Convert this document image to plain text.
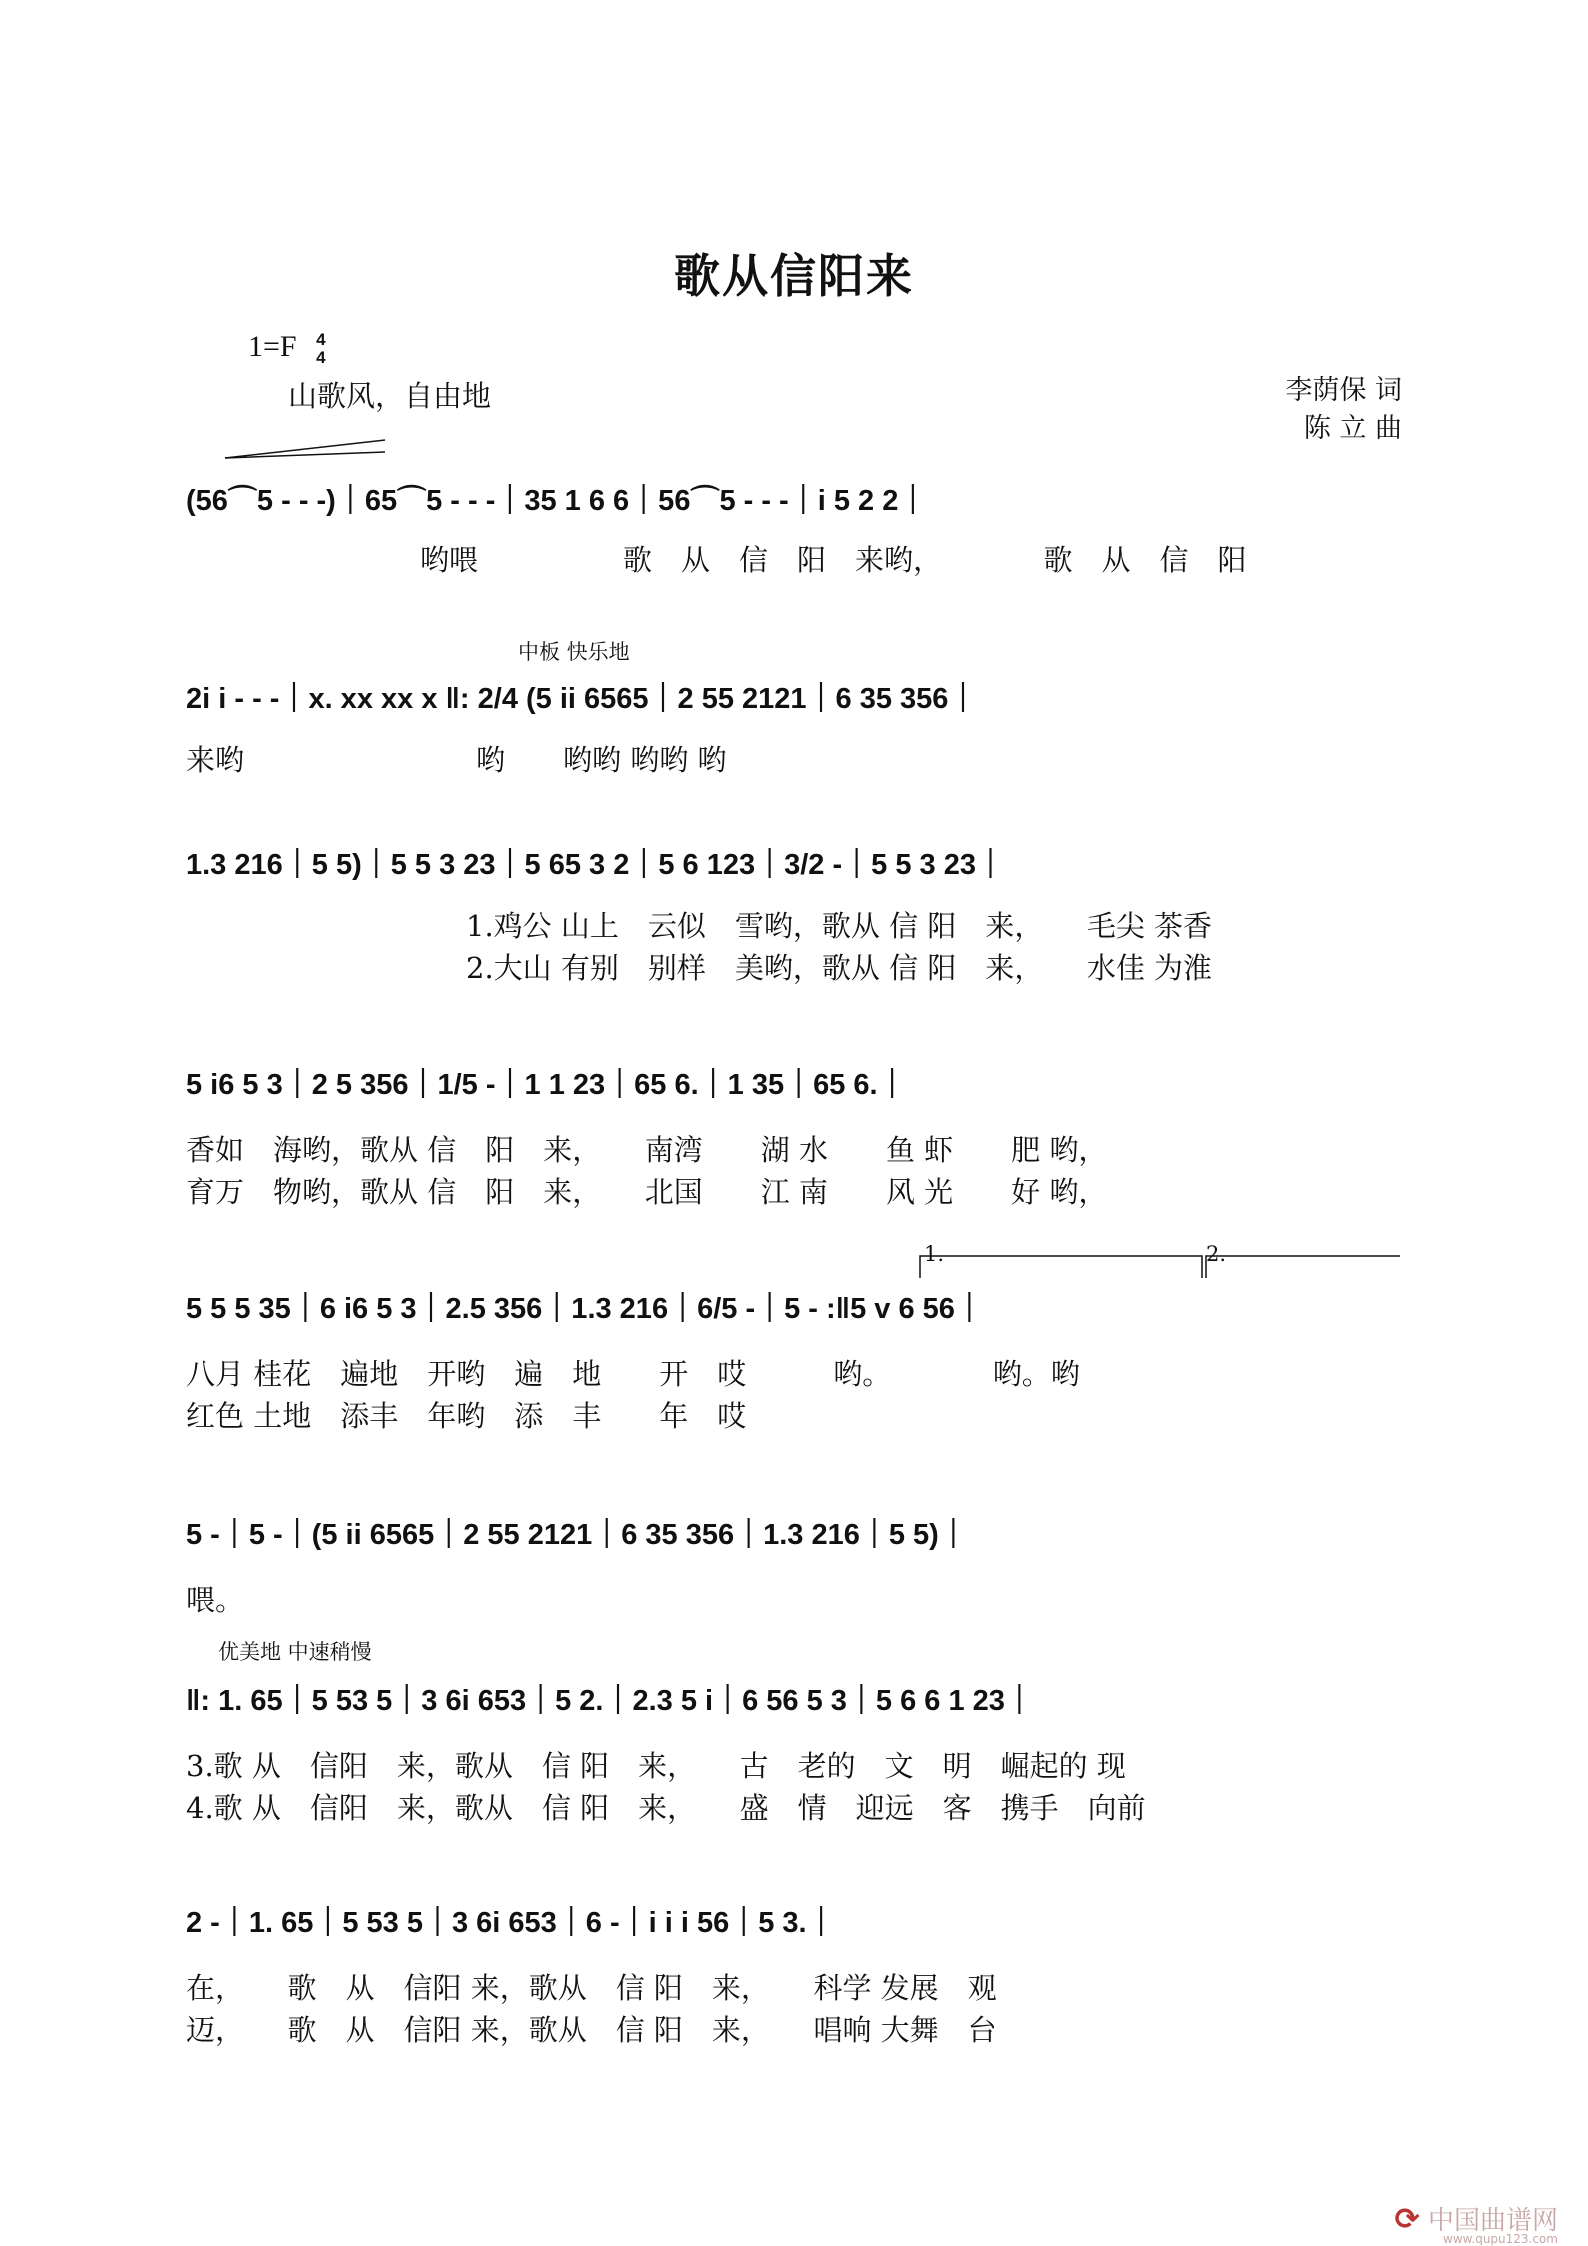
歌从信阳来
1=F 4
4
山歌风，自由地	李荫保 词
陈 立 曲
(56⌒5 - - -)｜65⌒5 - - -｜35 1 6 6｜56⌒5 - - -｜i 5 2 2｜
哟喂　　　　　歌　从　信　阳　来哟，　　　　歌　从　信　阳
中板 快乐地
2i i - - -｜x. xx xx x ‖: 2/4 (5 ii 6565｜2 55 2121｜6 35 356｜
来哟　　　　　　　　哟　　哟哟 哟哟 哟
1.3 216｜5 5)｜5 5 3 23｜5 65 3 2｜5 6 123｜3/2 -｜5 5 3 23｜
1.鸡公 山上　云似　雪哟，歌从 信 阳　来，　　毛尖 茶香
2.大山 有别　别样　美哟，歌从 信 阳　来，　　水佳 为淮
5 i6 5 3｜2 5 356｜1/5 -｜1 1 23｜65 6.｜1 35｜65 6.｜
香如　海哟，歌从 信　阳　来，　　南湾　　湖 水　　鱼 虾　　肥 哟，
育万　物哟，歌从 信　阳　来，　　北国　　江 南　　风 光　　好 哟，
1.	2.
5 5 5 35｜6 i6 5 3｜2.5 356｜1.3 216｜6/5 -｜5 - :‖5 v 6 56｜
八月 桂花　遍地　开哟　遍　地　　开　哎　　　哟。　　　　哟。哟
红色 土地　添丰　年哟　添　丰　　年　哎
5 -｜5 -｜(5 ii 6565｜2 55 2121｜6 35 356｜1.3 216｜5 5)｜
喂。
优美地 中速稍慢
‖: 1. 65｜5 53 5｜3 6i 653｜5 2.｜2.3 5 i｜6 56 5 3｜5 6 6 1 23｜
3.歌 从　信阳　来，歌从　信 阳　来，　　古　老的　文　明　崛起的 现
4.歌 从　信阳　来，歌从　信 阳　来，　　盛　情　迎远　客　携手　向前
2 -｜1. 65｜5 53 5｜3 6i 653｜6 -｜i i i 56｜5 3.｜
在，　　歌　从　信阳 来，歌从　信 阳　来，　　科学 发展　观
迈，　　歌　从　信阳 来，歌从　信 阳　来，　　唱响 大舞　台
⟳ 中国曲谱网
www.qupu123.com
